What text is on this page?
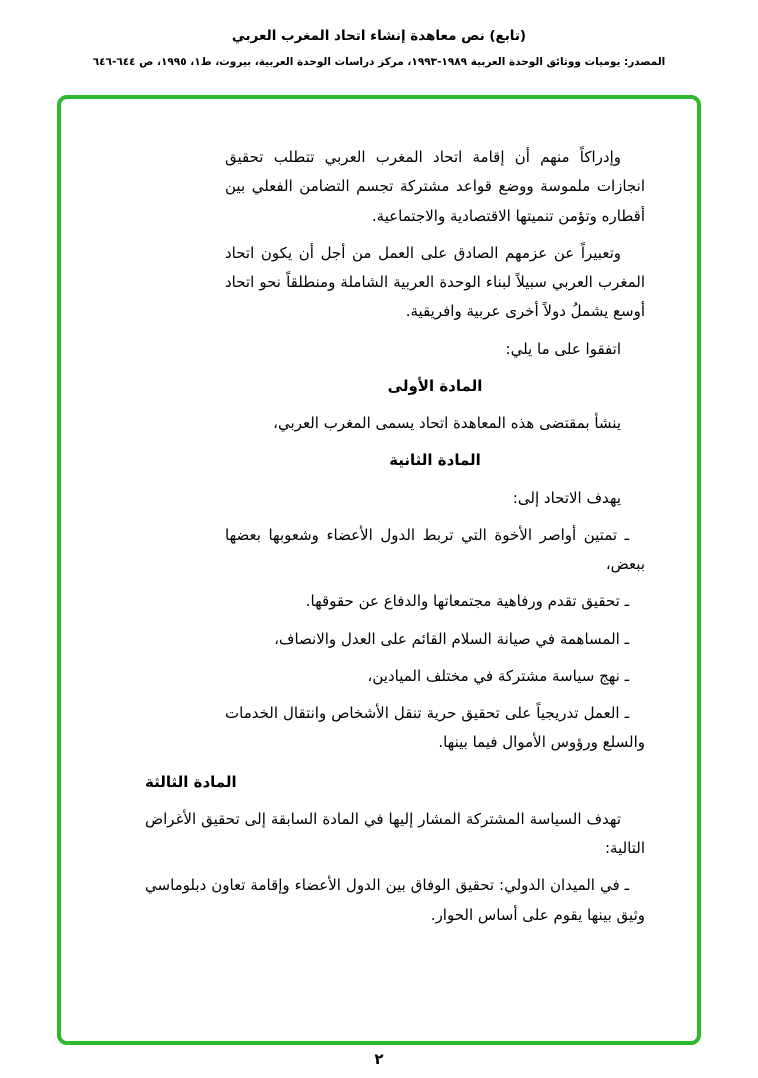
(تابع) نص معاهدة إنشاء اتحاد المغرب العربي
المصدر: يوميات ووثائق الوحدة العربية ١٩٨٩-١٩٩٣، مركز دراسات الوحدة العربية، بيروت، ط١، ١٩٩٥، ص ٦٤٤-٦٤٦

وإدراكاً منهم أن إقامة اتحاد المغرب العربي تتطلب تحقيق انجازات ملموسة ووضع قواعد مشتركة تجسم التضامن الفعلي بين أقطاره وتؤمن تنميتها الاقتصادية والاجتماعية.

وتعبيراً عن عزمهم الصادق على العمل من أجل أن يكون اتحاد المغرب العربي سبيلاً لبناء الوحدة العربية الشاملة ومنطلقاً نحو اتحاد أوسع يشملُ دولاً أخرى عربية وافريقية.

اتفقوا على ما يلي:

المادة الأولى

ينشأ بمقتضى هذه المعاهدة اتحاد يسمى المغرب العربي،

المادة الثانية

يهدف الاتحاد إلى:

ـ تمتين أواصر الأخوة التي تربط الدول الأعضاء وشعوبها بعضها ببعض،

ـ تحقيق تقدم ورفاهية مجتمعاتها والدفاع عن حقوقها.

ـ المساهمة في صيانة السلام القائم على العدل والانصاف،

ـ نهج سياسة مشتركة في مختلف الميادين،

ـ العمل تدريجياً على تحقيق حرية تنقل الأشخاص وانتقال الخدمات والسلع ورؤوس الأموال فيما بينها.

المادة الثالثة

تهدف السياسة المشتركة المشار إليها في المادة السابقة إلى تحقيق الأغراض التالية:

ـ في الميدان الدولي: تحقيق الوفاق بين الدول الأعضاء وإقامة تعاون دبلوماسي وثيق بينها يقوم على أساس الحوار.

٢
